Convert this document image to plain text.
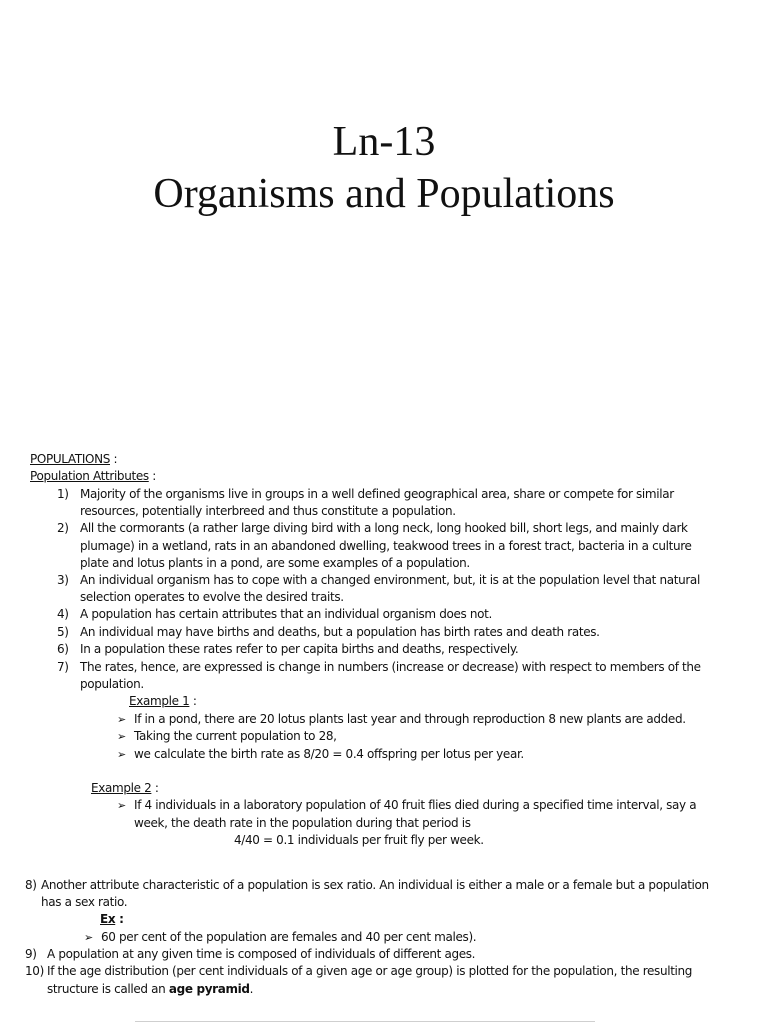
Ln-13
Organisms and Populations
POPULATIONS :
Population Attributes :
1) Majority of the organisms live in groups in a well defined geographical area, share or compete for similar
resources, potentially interbreed and thus constitute a population.
2) All the cormorants (a rather large diving bird with a long neck, long hooked bill, short legs, and mainly dark
plumage) in a wetland, rats in an abandoned dwelling, teakwood trees in a forest tract, bacteria in a culture
plate and lotus plants in a pond, are some examples of a population.
3) An individual organism has to cope with a changed environment, but, it is at the population level that natural
selection operates to evolve the desired traits.
4) A population has certain attributes that an individual organism does not.
5) An individual may have births and deaths, but a population has birth rates and death rates.
6) In a population these rates refer to per capita births and deaths, respectively.
7) The rates, hence, are expressed is change in numbers (increase or decrease) with respect to members of the
population.
Example 1 :
➢ If in a pond, there are 20 lotus plants last year and through reproduction 8 new plants are added.
➢ Taking the current population to 28,
➢ we calculate the birth rate as 8/20 = 0.4 offspring per lotus per year.
Example 2 :
➢ If 4 individuals in a laboratory population of 40 fruit flies died during a specified time interval, say a
week, the death rate in the population during that period is
4/40 = 0.1 individuals per fruit fly per week.
8) Another attribute characteristic of a population is sex ratio. An individual is either a male or a female but a population
has a sex ratio.
Ex :
➢ 60 per cent of the population are females and 40 per cent males).
9) A population at any given time is composed of individuals of different ages.
10) If the age distribution (per cent individuals of a given age or age group) is plotted for the population, the resulting
structure is called an age pyramid.
